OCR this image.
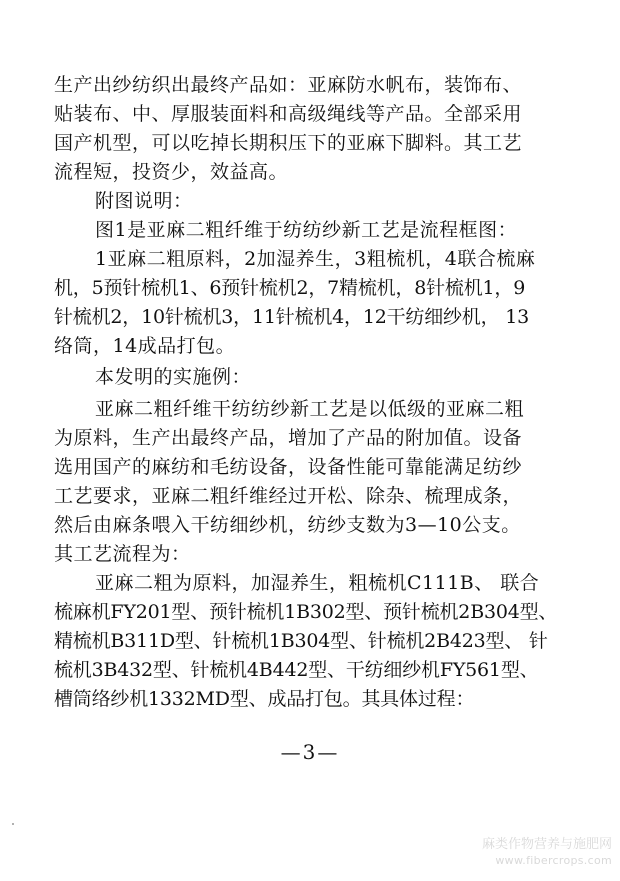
生产出纱纺织出最终产品如：亚麻防水帆布，装饰布、
贴装布、中、厚服装面料和高级绳线等产品。全部采用
国产机型，可以吃掉长期积压下的亚麻下脚料。其工艺
流程短，投资少，效益高。
附图说明：
图1是亚麻二粗纤维于纺纺纱新工艺是流程框图：
1亚麻二粗原料，2加湿养生，3粗梳机，4联合梳麻
机，5预针梳机1、6预针梳机2，7精梳机，8针梳机1，9
针梳机2，10针梳机3，11针梳机4，12干纺细纱机， 13
络筒，14成品打包。
本发明的实施例：
亚麻二粗纤维干纺纺纱新工艺是以低级的亚麻二粗
为原料，生产出最终产品，增加了产品的附加值。设备
选用国产的麻纺和毛纺设备，设备性能可靠能满足纺纱
工艺要求，亚麻二粗纤维经过开松、除杂、梳理成条，
然后由麻条喂入干纺细纱机，纺纱支数为3—10公支。
其工艺流程为：
亚麻二粗为原料，加湿养生，粗梳机C111B、 联合
梳麻机FY201型、预针梳机1B302型、预针梳机2B304型、
精梳机B311D型、针梳机1B304型、针梳机2B423型、 针
梳机3B432型、针梳机4B442型、干纺细纱机FY561型、
槽筒络纱机1332MD型、成品打包。其具体过程：
—3—
麻类作物营养与施肥网
www.fibercrops.com
